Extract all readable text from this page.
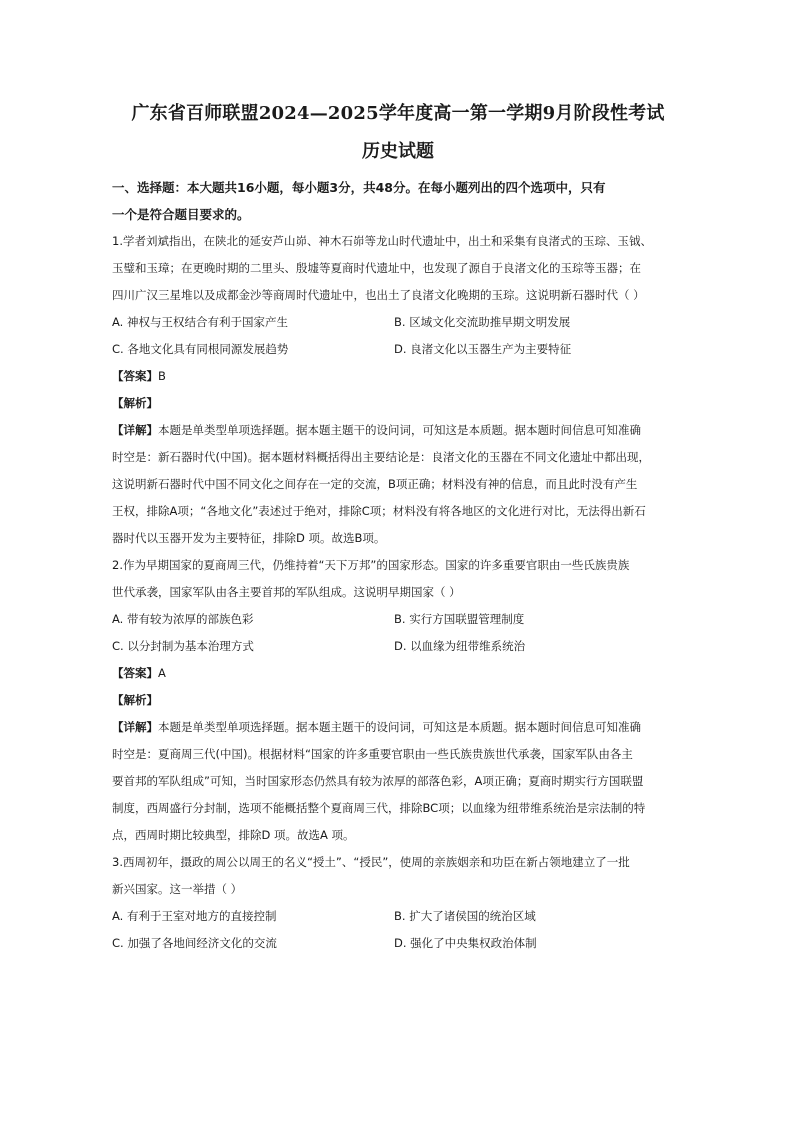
广东省百师联盟2024—2025学年度高一第一学期9月阶段性考试
历史试题

一、选择题：本大题共16小题，每小题3分，共48分。在每小题列出的四个选项中，只有

一个是符合题目要求的。

1.学者刘斌指出，在陕北的延安芦山峁、神木石峁等龙山时代遗址中，出土和采集有良渚式的玉琮、玉钺、

玉璧和玉璋；在更晚时期的二里头、殷墟等夏商时代遗址中，也发现了源自于良渚文化的玉琮等玉器；在

四川广汉三星堆以及成都金沙等商周时代遗址中，也出土了良渚文化晚期的玉琮。这说明新石器时代（ ）

A. 神权与王权结合有利于国家产生	B. 区域文化交流助推早期文明发展
C. 各地文化具有同根同源发展趋势	D. 良渚文化以玉器生产为主要特征

【答案】B

【解析】

【详解】本题是单类型单项选择题。据本题主题干的设问词，可知这是本质题。据本题时间信息可知准确

时空是：新石器时代(中国)。据本题材料概括得出主要结论是：良渚文化的玉器在不同文化遗址中都出现，

这说明新石器时代中国不同文化之间存在一定的交流，B项正确；材料没有神的信息，而且此时没有产生

王权，排除A项；“各地文化”表述过于绝对，排除C项；材料没有将各地区的文化进行对比，无法得出新石

器时代以玉器开发为主要特征，排除D 项。故选B项。

2.作为早期国家的夏商周三代，仍维持着“天下万邦”的国家形态。国家的许多重要官职由一些氏族贵族

世代承袭，国家军队由各主要首邦的军队组成。这说明早期国家（ ）

A. 带有较为浓厚的部族色彩	B. 实行方国联盟管理制度
C. 以分封制为基本治理方式	D. 以血缘为纽带维系统治

【答案】A

【解析】

【详解】本题是单类型单项选择题。据本题主题干的设问词，可知这是本质题。据本题时间信息可知准确

时空是：夏商周三代(中国)。根据材料“国家的许多重要官职由一些氏族贵族世代承袭，国家军队由各主

要首邦的军队组成”可知，当时国家形态仍然具有较为浓厚的部落色彩，A项正确；夏商时期实行方国联盟

制度，西周盛行分封制，选项不能概括整个夏商周三代，排除BC项；以血缘为纽带维系统治是宗法制的特

点，西周时期比较典型，排除D 项。故选A 项。

3.西周初年，摄政的周公以周王的名义“授土”、“授民”，使周的亲族姻亲和功臣在新占领地建立了一批

新兴国家。这一举措（ ）

A. 有利于王室对地方的直接控制	B. 扩大了诸侯国的统治区域
C. 加强了各地间经济文化的交流	D. 强化了中央集权政治体制
